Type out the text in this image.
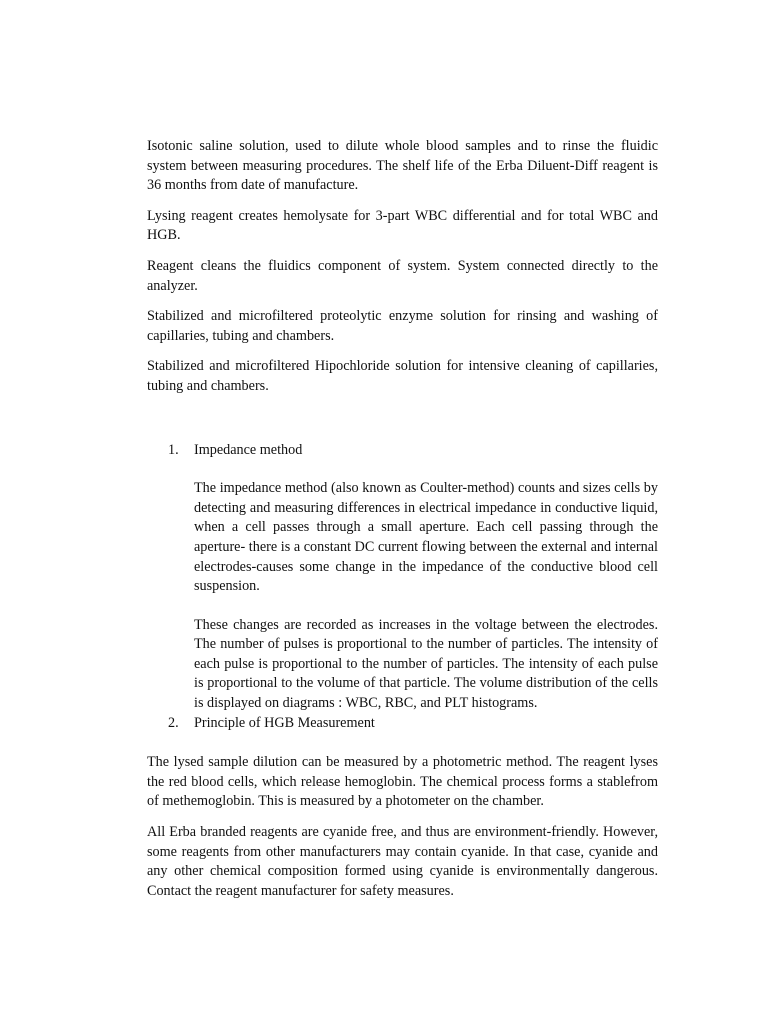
Isotonic saline solution, used to dilute whole blood samples and to rinse the fluidic system between measuring procedures. The shelf life of the Erba Diluent-Diff reagent is 36 months from date of manufacture.

Lysing reagent creates hemolysate for 3-part WBC differential and for total WBC and HGB.

Reagent cleans the fluidics component of system. System connected directly to the analyzer.

Stabilized and microfiltered proteolytic enzyme solution for rinsing and washing of capillaries, tubing and chambers.

Stabilized and microfiltered Hipochloride solution for intensive cleaning of capillaries, tubing and chambers.

1. Impedance method

The impedance method (also known as Coulter-method) counts and sizes cells by detecting and measuring differences in electrical impedance in conductive liquid, when a cell passes through a small aperture. Each cell passing through the aperture- there is a constant DC current flowing between the external and internal electrodes-causes some change in the impedance of the conductive blood cell suspension.

These changes are recorded as increases in the voltage between the electrodes. The number of pulses is proportional to the number of particles. The intensity of each pulse is proportional to the number of particles. The intensity of each pulse is proportional to the volume of that particle. The volume distribution of the cells is displayed on diagrams : WBC, RBC, and PLT histograms.

2. Principle of HGB Measurement

The lysed sample dilution can be measured by a photometric method. The reagent lyses the red blood cells, which release hemoglobin. The chemical process forms a stablefrom of methemoglobin. This is measured by a photometer on the chamber.

All Erba branded reagents are cyanide free, and thus are environment-friendly. However, some reagents from other manufacturers may contain cyanide. In that case, cyanide and any other chemical composition formed using cyanide is environmentally dangerous. Contact the reagent manufacturer for safety measures.
